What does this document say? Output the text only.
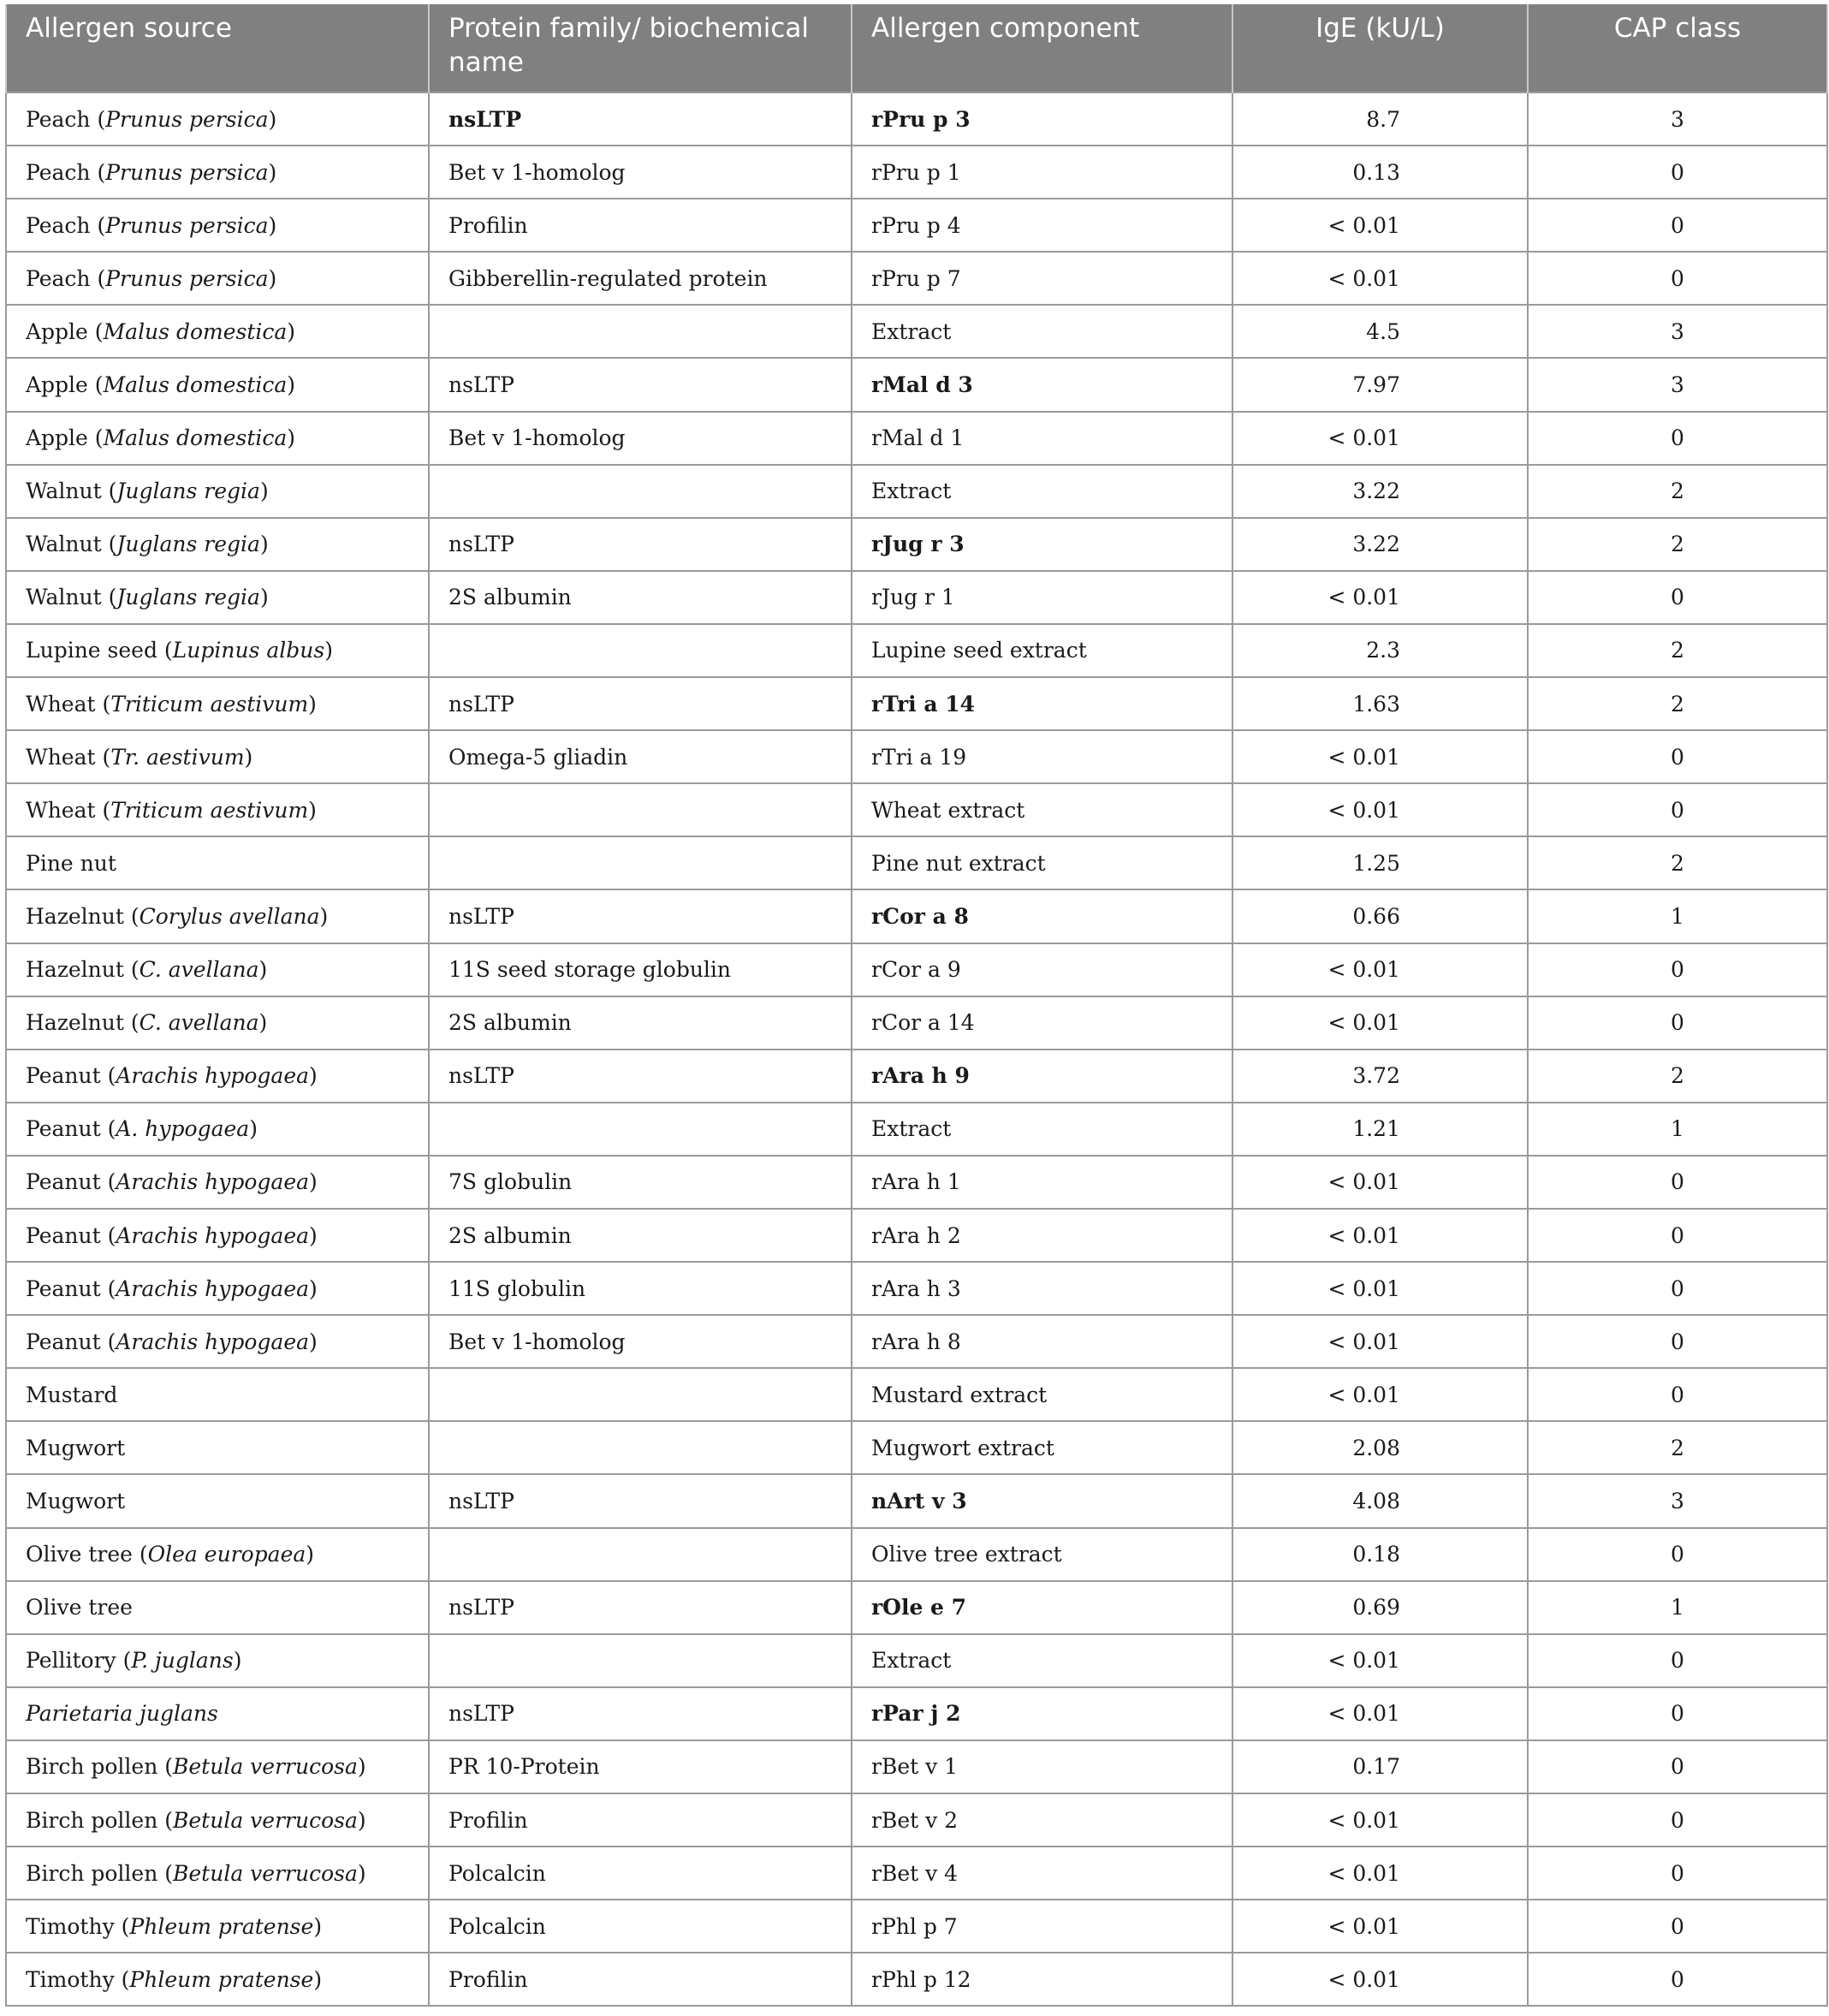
Allergen source	Protein family/ biochemical name	Allergen component	IgE (kU/L)	CAP class
Peach (Prunus persica)	nsLTP	rPru p 3	8.7	3
Peach (Prunus persica)	Bet v 1-homolog	rPru p 1	0.13	0
Peach (Prunus persica)	Profilin	rPru p 4	< 0.01	0
Peach (Prunus persica)	Gibberellin-regulated protein	rPru p 7	< 0.01	0
Apple (Malus domestica)		Extract	4.5	3
Apple (Malus domestica)	nsLTP	rMal d 3	7.97	3
Apple (Malus domestica)	Bet v 1-homolog	rMal d 1	< 0.01	0
Walnut (Juglans regia)		Extract	3.22	2
Walnut (Juglans regia)	nsLTP	rJug r 3	3.22	2
Walnut (Juglans regia)	2S albumin	rJug r 1	< 0.01	0
Lupine seed (Lupinus albus)		Lupine seed extract	2.3	2
Wheat (Triticum aestivum)	nsLTP	rTri a 14	1.63	2
Wheat (Tr. aestivum)	Omega-5 gliadin	rTri a 19	< 0.01	0
Wheat (Triticum aestivum)		Wheat extract	< 0.01	0
Pine nut		Pine nut extract	1.25	2
Hazelnut (Corylus avellana)	nsLTP	rCor a 8	0.66	1
Hazelnut (C. avellana)	11S seed storage globulin	rCor a 9	< 0.01	0
Hazelnut (C. avellana)	2S albumin	rCor a 14	< 0.01	0
Peanut (Arachis hypogaea)	nsLTP	rAra h 9	3.72	2
Peanut (A. hypogaea)		Extract	1.21	1
Peanut (Arachis hypogaea)	7S globulin	rAra h 1	< 0.01	0
Peanut (Arachis hypogaea)	2S albumin	rAra h 2	< 0.01	0
Peanut (Arachis hypogaea)	11S globulin	rAra h 3	< 0.01	0
Peanut (Arachis hypogaea)	Bet v 1-homolog	rAra h 8	< 0.01	0
Mustard		Mustard extract	< 0.01	0
Mugwort		Mugwort extract	2.08	2
Mugwort	nsLTP	nArt v 3	4.08	3
Olive tree (Olea europaea)		Olive tree extract	0.18	0
Olive tree	nsLTP	rOle e 7	0.69	1
Pellitory (P. juglans)		Extract	< 0.01	0
Parietaria juglans	nsLTP	rPar j 2	< 0.01	0
Birch pollen (Betula verrucosa)	PR 10-Protein	rBet v 1	0.17	0
Birch pollen (Betula verrucosa)	Profilin	rBet v 2	< 0.01	0
Birch pollen (Betula verrucosa)	Polcalcin	rBet v 4	< 0.01	0
Timothy (Phleum pratense)	Polcalcin	rPhl p 7	< 0.01	0
Timothy (Phleum pratense)	Profilin	rPhl p 12	< 0.01	0
